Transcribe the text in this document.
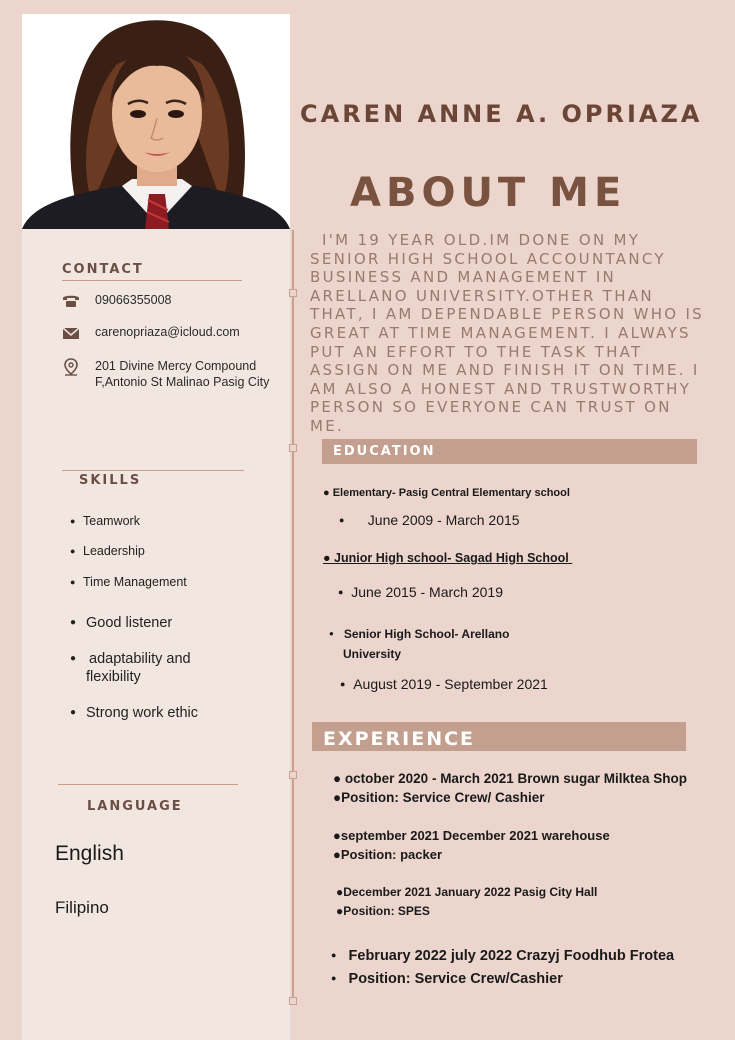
CONTACT
09066355008
carenopriaza@icloud.com
201 Divine Mercy Compound
F,Antonio St Malinao Pasig City
SKILLS
● Teamwork
● Leadership
● Time Management
● Good listener
● adaptability and
flexibility
● Strong work ethic
LANGUAGE
English
Filipino
CAREN ANNE A. OPRIAZA
ABOUT ME
I'M 19 YEAR OLD.IM DONE ON MY SENIOR HIGH SCHOOL ACCOUNTANCY BUSINESS AND MANAGEMENT IN ARELLANO UNIVERSITY.OTHER THAN THAT, I AM DEPENDABLE PERSON WHO IS GREAT AT TIME MANAGEMENT. I ALWAYS PUT AN EFFORT TO THE TASK THAT ASSIGN ON ME AND FINISH IT ON TIME. I AM ALSO A HONEST AND TRUSTWORTHY PERSON SO EVERYONE CAN TRUST ON ME.
EDUCATION
● Elementary- Pasig Central Elementary school
● June 2009 - March 2015
● Junior High school- Sagad High School
● June 2015 - March 2019
● Senior High School- Arellano
University
● August 2019 - September 2021
EXPERIENCE
● october 2020 - March 2021 Brown sugar Milktea Shop
●Position: Service Crew/ Cashier
●september 2021 December 2021 warehouse
●Position: packer
●December 2021 January 2022 Pasig City Hall
●Position: SPES
● February 2022 july 2022 Crazyj Foodhub Frotea
● Position: Service Crew/Cashier
